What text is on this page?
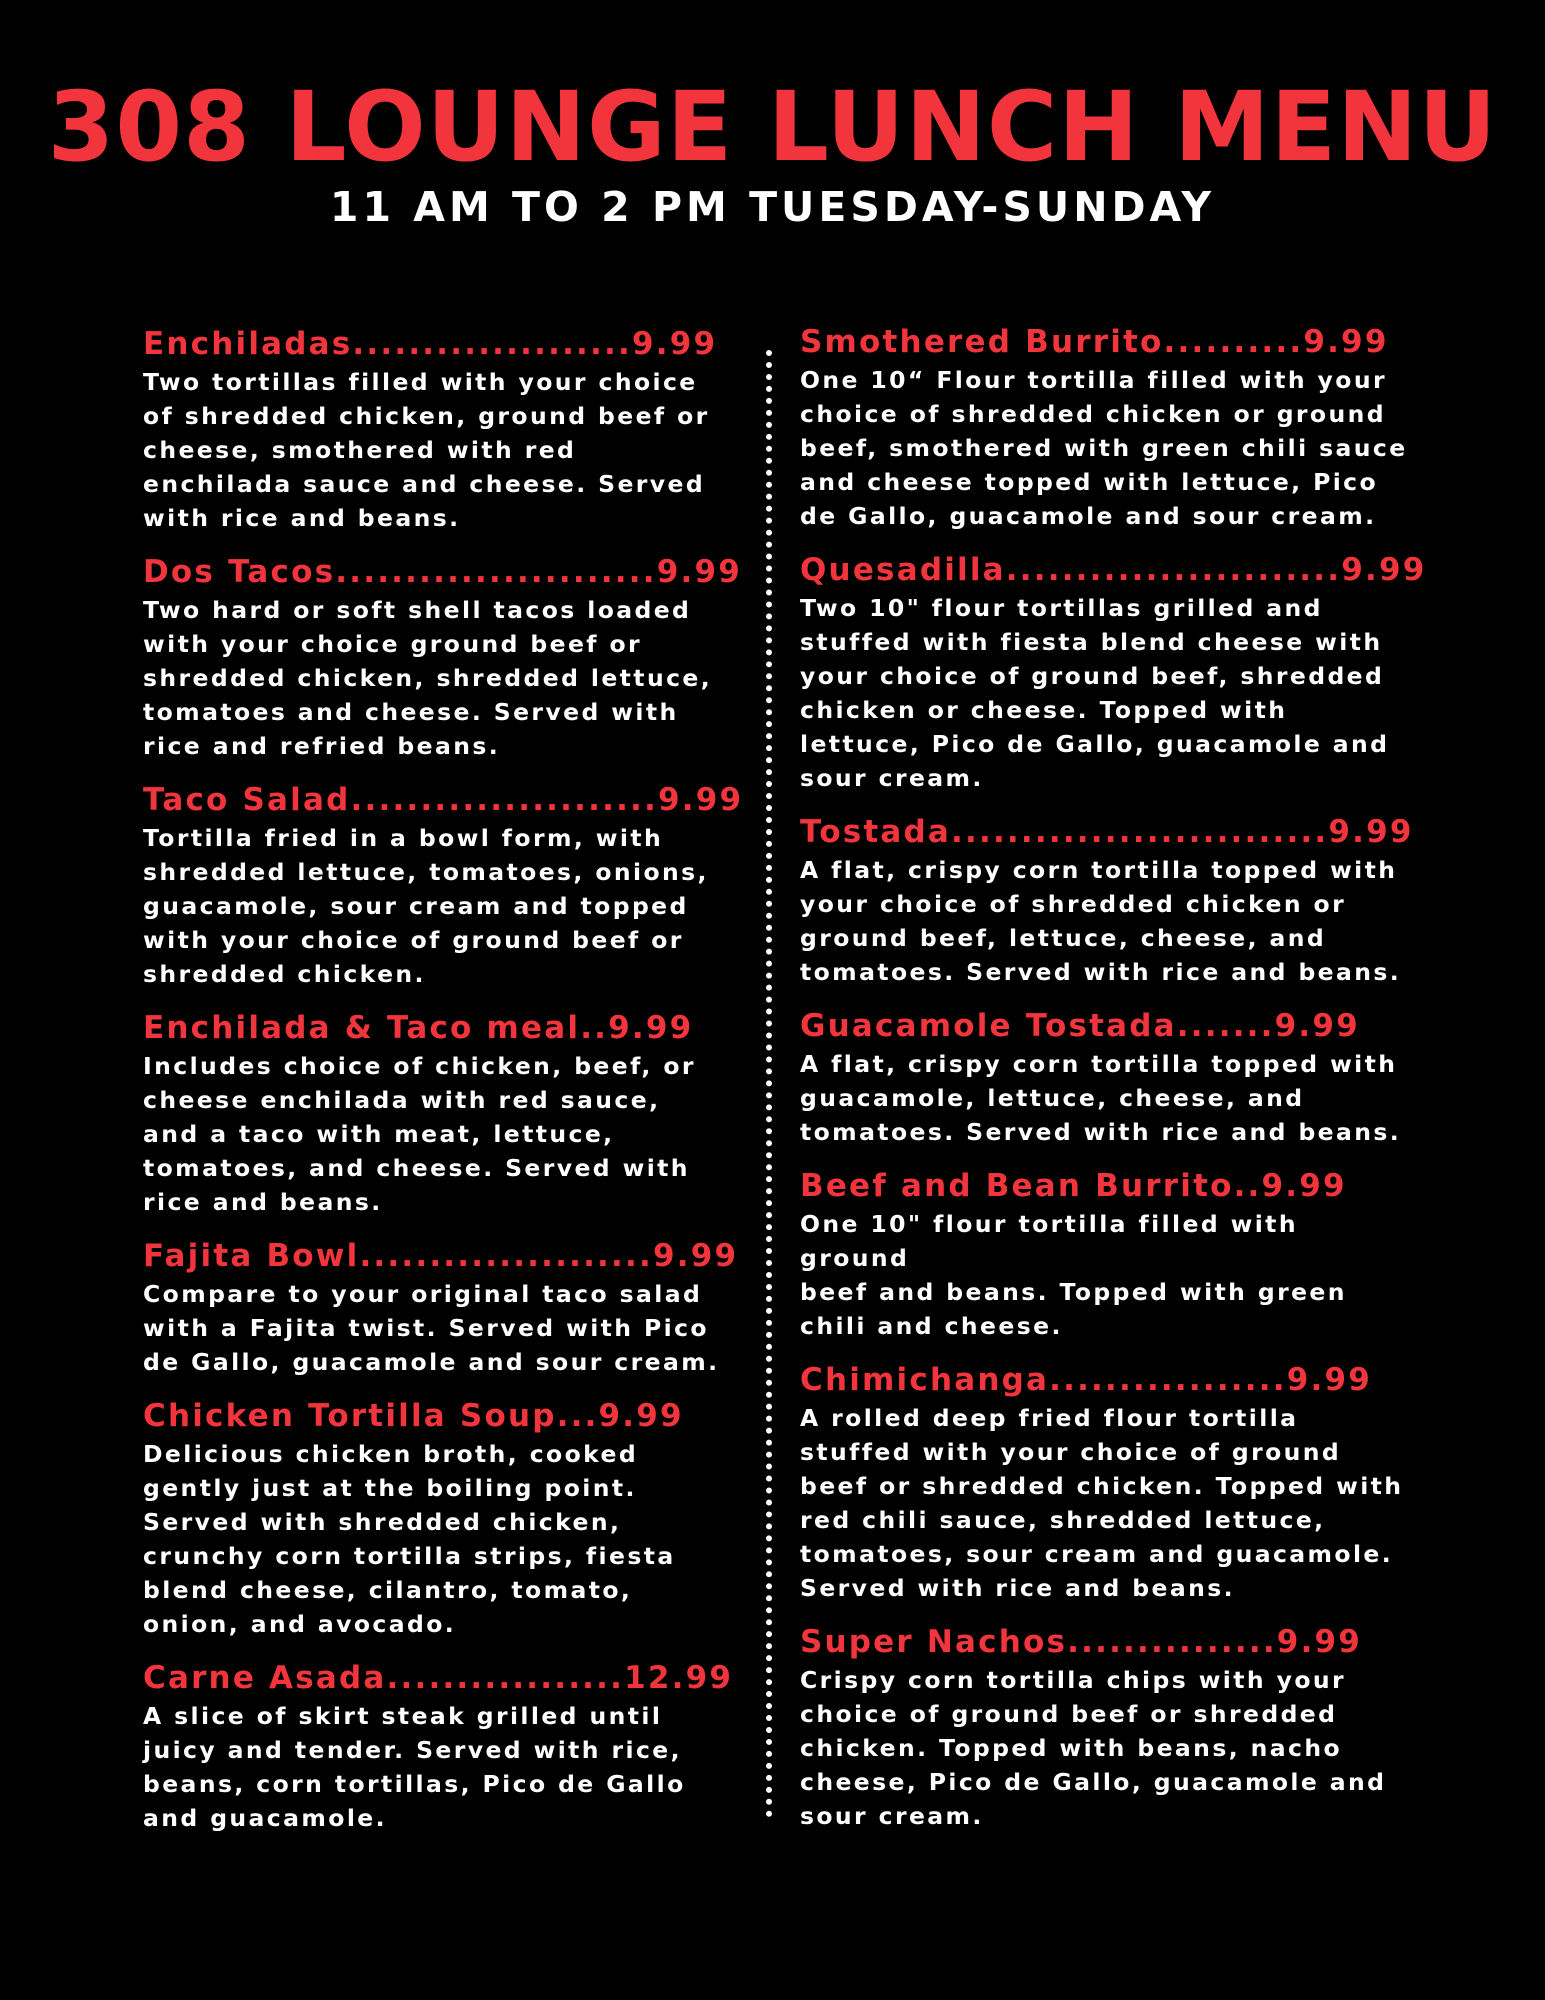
308 LOUNGE LUNCH MENU
11 AM TO 2 PM TUESDAY-SUNDAY
Enchiladas....................9.99
Two tortillas filled with your choice
of shredded chicken, ground beef or
cheese, smothered with red
enchilada sauce and cheese. Served
with rice and beans.
Dos Tacos.......................9.99
Two hard or soft shell tacos loaded
with your choice ground beef or
shredded chicken, shredded lettuce,
tomatoes and cheese. Served with
rice and refried beans.
Taco Salad......................9.99
Tortilla fried in a bowl form, with
shredded lettuce, tomatoes, onions,
guacamole, sour cream and topped
with your choice of ground beef or
shredded chicken.
Enchilada & Taco meal..9.99
Includes choice of chicken, beef, or
cheese enchilada with red sauce,
and a taco with meat, lettuce,
tomatoes, and cheese. Served with
rice and beans.
Fajita Bowl.....................9.99
Compare to your original taco salad
with a Fajita twist. Served with Pico
de Gallo, guacamole and sour cream.
Chicken Tortilla Soup...9.99
Delicious chicken broth, cooked
gently just at the boiling point.
Served with shredded chicken,
crunchy corn tortilla strips, fiesta
blend cheese, cilantro, tomato,
onion, and avocado.
Carne Asada.................12.99
A slice of skirt steak grilled until
juicy and tender. Served with rice,
beans, corn tortillas, Pico de Gallo
and guacamole.
Smothered Burrito..........9.99
One 10“ Flour tortilla filled with your
choice of shredded chicken or ground
beef, smothered with green chili sauce
and cheese topped with lettuce, Pico
de Gallo, guacamole and sour cream.
Quesadilla........................9.99
Two 10" flour tortillas grilled and
stuffed with fiesta blend cheese with
your choice of ground beef, shredded
chicken or cheese. Topped with
lettuce, Pico de Gallo, guacamole and
sour cream.
Tostada...........................9.99
A flat, crispy corn tortilla topped with
your choice of shredded chicken or
ground beef, lettuce, cheese, and
tomatoes. Served with rice and beans.
Guacamole Tostada.......9.99
A flat, crispy corn tortilla topped with
guacamole, lettuce, cheese, and
tomatoes. Served with rice and beans.
Beef and Bean Burrito..9.99
One 10" flour tortilla filled with ground
beef and beans. Topped with green
chili and cheese.
Chimichanga.................9.99
A rolled deep fried flour tortilla
stuffed with your choice of ground
beef or shredded chicken. Topped with
red chili sauce, shredded lettuce,
tomatoes, sour cream and guacamole.
Served with rice and beans.
Super Nachos...............9.99
Crispy corn tortilla chips with your
choice of ground beef or shredded
chicken. Topped with beans, nacho
cheese, Pico de Gallo, guacamole and
sour cream.
